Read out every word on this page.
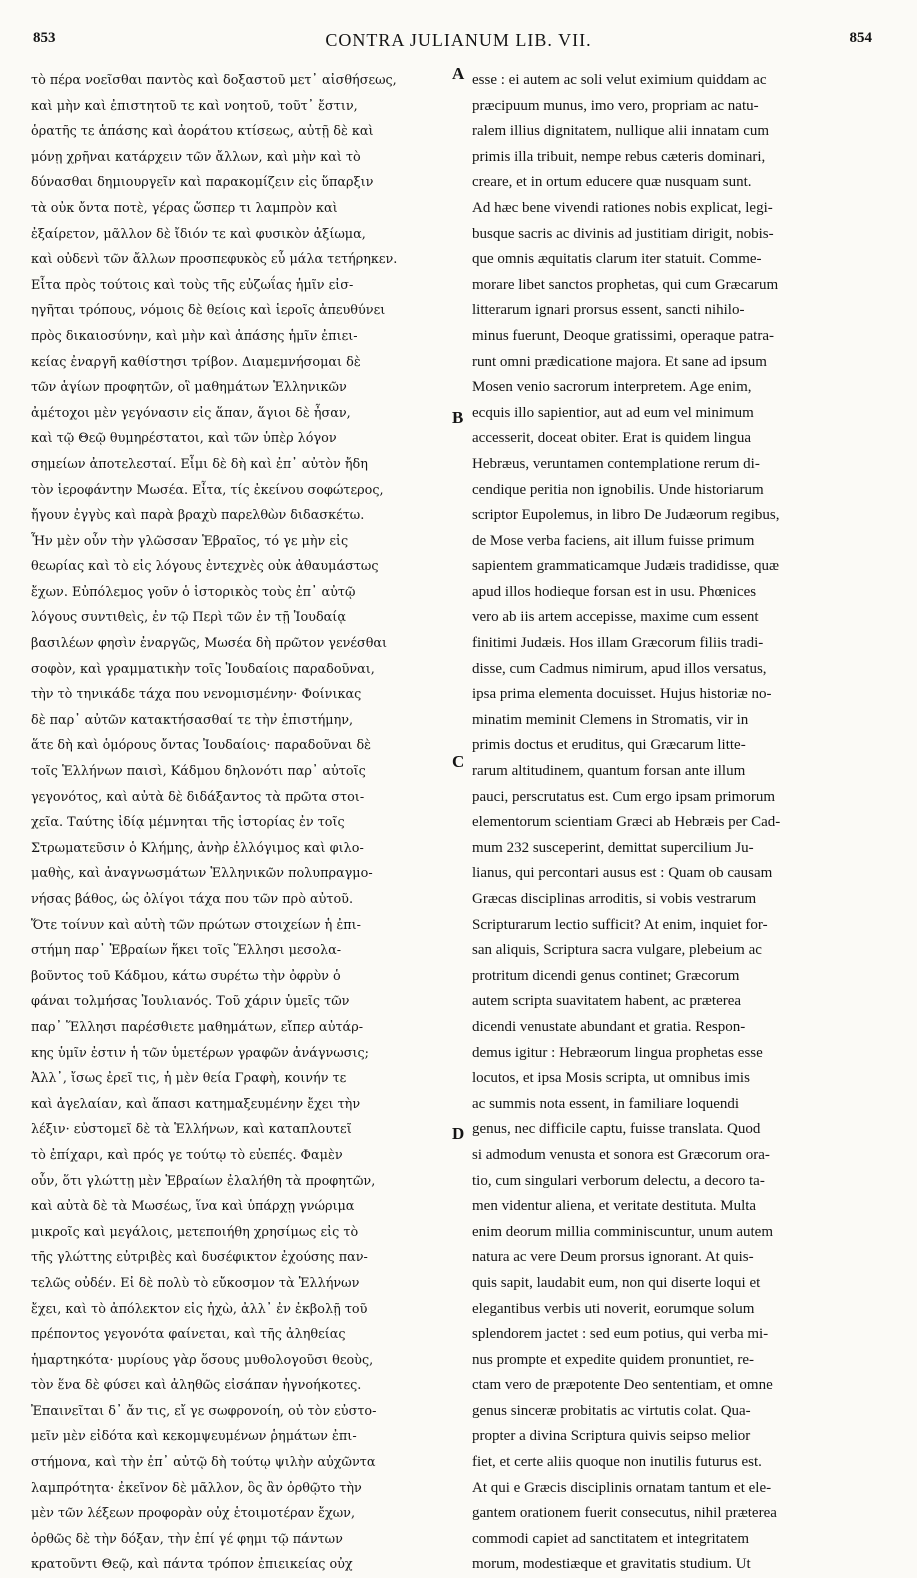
853	CONTRA JULIANUM LIB. VII.	854
τὸ πέρα νοεῖσθαι παντὸς καὶ δοξαστοῦ μετ᾽ αἰσθήσεως,
καὶ μὴν καὶ ἐπιστητοῦ τε καὶ νοητοῦ, τοῦτ᾽ ἔστιν,
ὁρατῆς τε ἁπάσης καὶ ἀοράτου κτίσεως, αὐτῇ δὲ καὶ
μόνῃ χρῆναι κατάρχειν τῶν ἄλλων, καὶ μὴν καὶ τὸ
δύνασθαι δημιουργεῖν καὶ παρακομίζειν εἰς ὕπαρξιν
τὰ οὐκ ὄντα ποτὲ, γέρας ὥσπερ τι λαμπρὸν καὶ
ἐξαίρετον, μᾶλλον δὲ ἴδιόν τε καὶ φυσικὸν ἀξίωμα,
καὶ οὐδενὶ τῶν ἄλλων προσπεφυκὸς εὖ μάλα τετήρηκεν.
Εἶτα πρὸς τούτοις καὶ τοὺς τῆς εὐζωΐας ἡμῖν εἰσ-
ηγῆται τρόπους, νόμοις δὲ θείοις καὶ ἱεροῖς ἀπευθύνει
πρὸς δικαιοσύνην, καὶ μὴν καὶ ἁπάσης ἡμῖν ἐπιει-
κείας ἐναργῆ καθίστησι τρίβον. Διαμεμνήσομαι δὲ
τῶν ἁγίων προφητῶν, οἳ μαθημάτων Ἑλληνικῶν
ἀμέτοχοι μὲν γεγόνασιν εἰς ἅπαν, ἅγιοι δὲ ἦσαν,
καὶ τῷ Θεῷ θυμηρέστατοι, καὶ τῶν ὑπὲρ λόγον
σημείων ἀποτελεσταί. Εἶμι δὲ δὴ καὶ ἐπ᾽ αὐτὸν ἤδη
τὸν ἱεροφάντην Μωσέα. Εἶτα, τίς ἐκείνου σοφώτερος,
ἤγουν ἐγγὺς καὶ παρὰ βραχὺ παρελθὼν διδασκέτω.
Ἦν μὲν οὖν τὴν γλῶσσαν Ἑβραῖος, τό γε μὴν εἰς
θεωρίας καὶ τὸ εἰς λόγους ἐντεχνὲς οὐκ ἀθαυμάστως
ἔχων. Εὐπόλεμος γοῦν ὁ ἱστορικὸς τοὺς ἐπ᾽ αὐτῷ
λόγους συντιθεὶς, ἐν τῷ Περὶ τῶν ἐν τῇ Ἰουδαίᾳ
βασιλέων φησὶν ἐναργῶς, Μωσέα δὴ πρῶτον γενέσθαι
σοφὸν, καὶ γραμματικὴν τοῖς Ἰουδαίοις παραδοῦναι,
τὴν τὸ τηνικάδε τάχα που νενομισμένην· Φοίνικας
δὲ παρ᾽ αὐτῶν κατακτήσασθαί τε τὴν ἐπιστήμην,
ἅτε δὴ καὶ ὁμόρους ὄντας Ἰουδαίοις· παραδοῦναι δὲ
τοῖς Ἑλλήνων παισὶ, Κάδμου δηλονότι παρ᾽ αὐτοῖς
γεγονότος, καὶ αὐτὰ δὲ διδάξαντος τὰ πρῶτα στοι-
χεῖα. Ταύτης ἰδίᾳ μέμνηται τῆς ἱστορίας ἐν τοῖς
Στρωματεῦσιν ὁ Κλήμης, ἀνὴρ ἐλλόγιμος καὶ φιλο-
μαθὴς, καὶ ἀναγνωσμάτων Ἑλληνικῶν πολυπραγμο-
νήσας βάθος, ὡς ὀλίγοι τάχα που τῶν πρὸ αὐτοῦ.
Ὅτε τοίνυν καὶ αὐτὴ τῶν πρώτων στοιχείων ἡ ἐπι-
στήμη παρ᾽ Ἑβραίων ἥκει τοῖς Ἕλλησι μεσολα-
βοῦντος τοῦ Κάδμου, κάτω συρέτω τὴν ὀφρὺν ὁ
φάναι τολμήσας Ἰουλιανός. Τοῦ χάριν ὑμεῖς τῶν
παρ᾽ Ἕλλησι παρέσθιετε μαθημάτων, εἴπερ αὐτάρ-
κης ὑμῖν ἐστιν ἡ τῶν ὑμετέρων γραφῶν ἀνάγνωσις;
Ἀλλ᾽, ἴσως ἐρεῖ τις, ἡ μὲν θεία Γραφὴ, κοινήν τε
καὶ ἀγελαίαν, καὶ ἅπασι κατημαξευμένην ἔχει τὴν
λέξιν· εὐστομεῖ δὲ τὰ Ἑλλήνων, καὶ καταπλουτεῖ
τὸ ἐπίχαρι, καὶ πρός γε τούτῳ τὸ εὐεπές. Φαμὲν
οὖν, ὅτι γλώττῃ μὲν Ἑβραίων ἐλαλήθη τὰ προφητῶν,
καὶ αὐτὰ δὲ τὰ Μωσέως, ἵνα καὶ ὑπάρχῃ γνώριμα
μικροῖς καὶ μεγάλοις, μετεποιήθη χρησίμως εἰς τὸ
τῆς γλώττης εὐτριβὲς καὶ δυσέφικτον ἐχούσης παν-
τελῶς οὐδέν. Εἰ δὲ πολὺ τὸ εὔκοσμον τὰ Ἑλλήνων
ἔχει, καὶ τὸ ἀπόλεκτον εἰς ἠχὼ, ἀλλ᾽ ἐν ἐκβολῇ τοῦ
πρέποντος γεγονότα φαίνεται, καὶ τῆς ἀληθείας
ἡμαρτηκότα· μυρίους γὰρ ὅσους μυθολογοῦσι θεοὺς,
τὸν ἕνα δὲ φύσει καὶ ἀληθῶς εἰσάπαν ἠγνοήκοτες.
Ἐπαινεῖται δ᾽ ἄν τις, εἴ γε σωφρονοίη, οὐ τὸν εὐστο-
μεῖν μὲν εἰδότα καὶ κεκομψευμένων ῥημάτων ἐπι-
στήμονα, καὶ τὴν ἐπ᾽ αὐτῷ δὴ τούτῳ ψιλὴν αὐχῶντα
λαμπρότητα· ἐκεῖνον δὲ μᾶλλον, ὃς ἂν ὀρθῷτο τὴν
μὲν τῶν λέξεων προφορὰν οὐχ ἑτοιμοτέραν ἔχων,
ὀρθῶς δὲ τὴν δόξαν, τὴν ἐπί γέ φημι τῷ πάντων
κρατοῦντι Θεῷ, καὶ πάντα τρόπον ἐπιεικείας οὐχ
A
B
C
D
esse : ei autem ac soli velut eximium quiddam ac
præcipuum munus, imo vero, propriam ac natu-
ralem illius dignitatem, nullique alii innatam cum
primis illa tribuit, nempe rebus cæteris dominari,
creare, et in ortum educere quæ nusquam sunt.
Ad hæc bene vivendi rationes nobis explicat, legi-
busque sacris ac divinis ad justitiam dirigit, nobis-
que omnis æquitatis clarum iter statuit. Comme-
morare libet sanctos prophetas, qui cum Græcarum
litterarum ignari prorsus essent, sancti nihilo-
minus fuerunt, Deoque gratissimi, operaque patra-
runt omni prædicatione majora. Et sane ad ipsum
Mosen venio sacrorum interpretem. Age enim,
ecquis illo sapientior, aut ad eum vel minimum
accesserit, doceat obiter. Erat is quidem lingua
Hebræus, veruntamen contemplatione rerum di-
cendique peritia non ignobilis. Unde historiarum
scriptor Eupolemus, in libro De Judæorum regibus,
de Mose verba faciens, ait illum fuisse primum
sapientem grammaticamque Judæis tradidisse, quæ
apud illos hodieque forsan est in usu. Phœnices
vero ab iis artem accepisse, maxime cum essent
finitimi Judæis. Hos illam Græcorum filiis tradi-
disse, cum Cadmus nimirum, apud illos versatus,
ipsa prima elementa docuisset. Hujus historiæ no-
minatim meminit Clemens in Stromatis, vir in
primis doctus et eruditus, qui Græcarum litte-
rarum altitudinem, quantum forsan ante illum
pauci, perscrutatus est. Cum ergo ipsam primorum
elementorum scientiam Græci ab Hebræis per Cad-
mum 232 susceperint, demittat supercilium Ju-
lianus, qui percontari ausus est : Quam ob causam
Græcas disciplinas arroditis, si vobis vestrarum
Scripturarum lectio sufficit? At enim, inquiet for-
san aliquis, Scriptura sacra vulgare, plebeium ac
protritum dicendi genus continet; Græcorum
autem scripta suavitatem habent, ac præterea
dicendi venustate abundant et gratia. Respon-
demus igitur : Hebræorum lingua prophetas esse
locutos, et ipsa Mosis scripta, ut omnibus imis
ac summis nota essent, in familiare loquendi
genus, nec difficile captu, fuisse translata. Quod
si admodum venusta et sonora est Græcorum ora-
tio, cum singulari verborum delectu, a decoro ta-
men videntur aliena, et veritate destituta. Multa
enim deorum millia comminiscuntur, unum autem
natura ac vere Deum prorsus ignorant. At quis-
quis sapit, laudabit eum, non qui diserte loqui et
elegantibus verbis uti noverit, eorumque solum
splendorem jactet : sed eum potius, qui verba mi-
nus prompte et expedite quidem pronuntiet, re-
ctam vero de præpotente Deo sententiam, et omne
genus sinceræ probitatis ac virtutis colat. Qua-
propter a divina Scriptura quivis seipso melior
fiet, et certe aliis quoque non inutilis futurus est.
At qui e Græcis disciplinis ornatam tantum et ele-
gantem orationem fuerit consecutus, nihil præterea
commodi capiet ad sanctitatem et integritatem
morum, modestiæque et gravitatis studium. Ut
